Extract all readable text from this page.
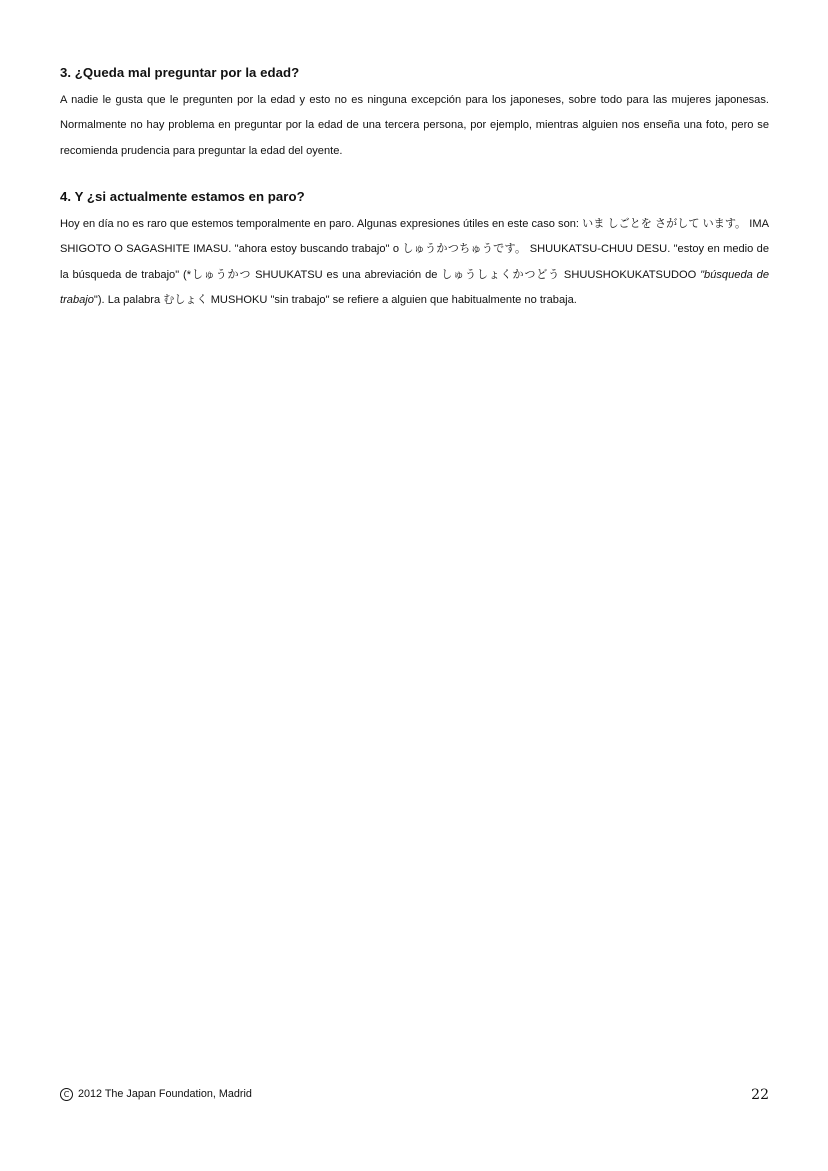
3. ¿Queda mal preguntar por la edad?

A nadie le gusta que le pregunten por la edad y esto no es ninguna excepción para los japoneses, sobre todo para las mujeres japonesas. Normalmente no hay problema en preguntar por la edad de una tercera persona, por ejemplo, mientras alguien nos enseña una foto, pero se recomienda prudencia para preguntar la edad del oyente.

4. Y ¿si actualmente estamos en paro?

Hoy en día no es raro que estemos temporalmente en paro. Algunas expresiones útiles en este caso son: いま しごとを さがして います。 IMA SHIGOTO O SAGASHITE IMASU. "ahora estoy buscando trabajo" o しゅうかつちゅうです。 SHUUKATSU-CHUU DESU. "estoy en medio de la búsqueda de trabajo" (*しゅうかつ SHUUKATSU es una abreviación de しゅうしょくかつどう SHUUSHOKUKATSUDOO "búsqueda de trabajo"). La palabra むしょく MUSHOKU "sin trabajo" se refiere a alguien que habitualmente no trabaja.

C 2012 The Japan Foundation, Madrid	22
